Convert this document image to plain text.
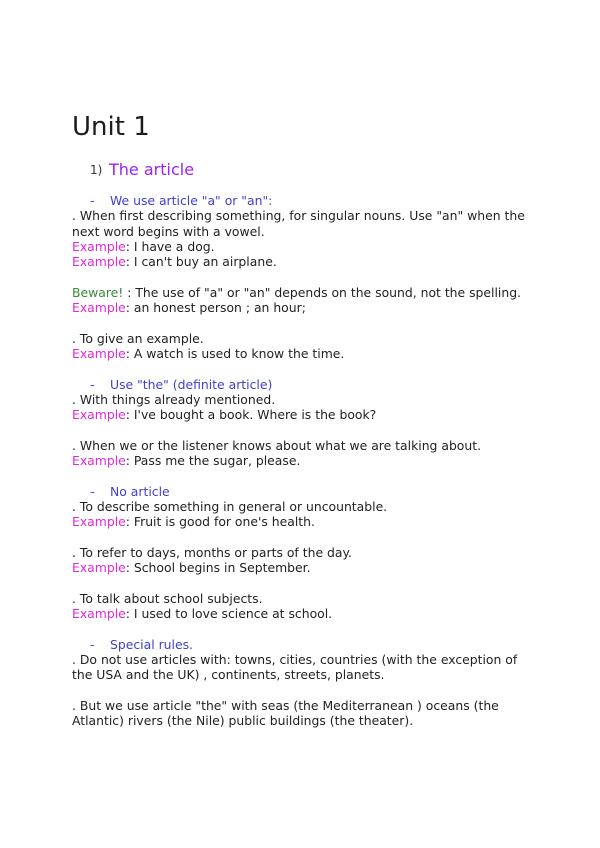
Unit 1
1) The article
- We use article "a" or "an":
. When first describing something, for singular nouns. Use "an" when the
next word begins with a vowel.
Example: I have a dog.
Example: I can't buy an airplane.
Beware! : The use of "a" or "an" depends on the sound, not the spelling.
Example: an honest person ; an hour;
. To give an example.
Example: A watch is used to know the time.
- Use "the" (definite article)
. With things already mentioned.
Example: I've bought a book. Where is the book?
. When we or the listener knows about what we are talking about.
Example: Pass me the sugar, please.
- No article
. To describe something in general or uncountable.
Example: Fruit is good for one's health.
. To refer to days, months or parts of the day.
Example: School begins in September.
. To talk about school subjects.
Example: I used to love science at school.
- Special rules.
. Do not use articles with: towns, cities, countries (with the exception of
the USA and the UK) , continents, streets, planets.
. But we use article "the" with seas (the Mediterranean ) oceans (the
Atlantic) rivers (the Nile) public buildings (the theater).
